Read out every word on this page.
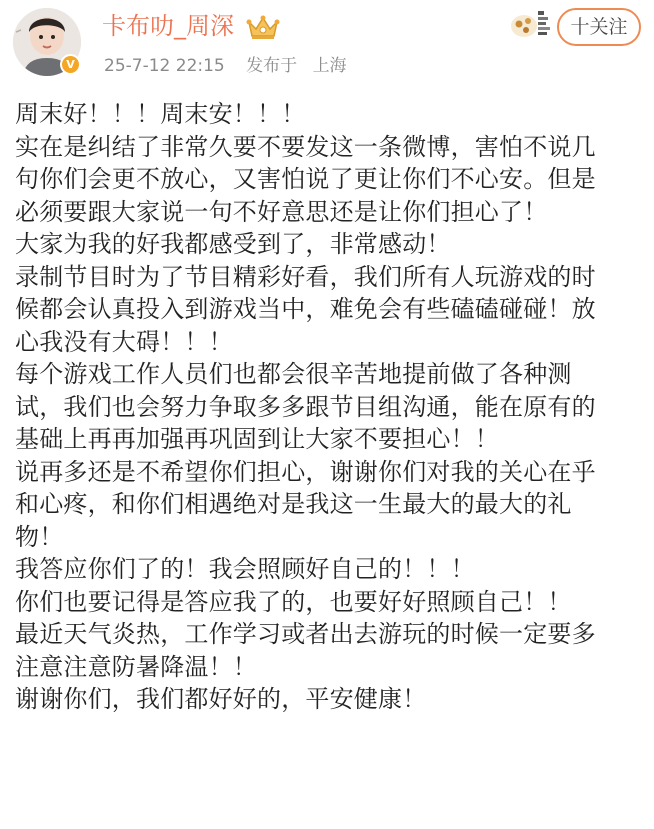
V
卡布叻_周深
25-7-12 22:15 发布于 上海
十关注

周末好！！！周末安！！！

实在是纠结了非常久要不要发这一条微博，害怕不说几

句你们会更不放心，又害怕说了更让你们不心安。但是

必须要跟大家说一句不好意思还是让你们担心了！

大家为我的好我都感受到了，非常感动！

录制节目时为了节目精彩好看，我们所有人玩游戏的时

候都会认真投入到游戏当中，难免会有些磕磕碰碰！放

心我没有大碍！！！

每个游戏工作人员们也都会很辛苦地提前做了各种测

试，我们也会努力争取多多跟节目组沟通，能在原有的

基础上再再加强再巩固到让大家不要担心！！

说再多还是不希望你们担心，谢谢你们对我的关心在乎

和心疼，和你们相遇绝对是我这一生最大的最大的礼

物！

我答应你们了的！我会照顾好自己的！！！

你们也要记得是答应我了的，也要好好照顾自己！！

最近天气炎热，工作学习或者出去游玩的时候一定要多

注意注意防暑降温！！

谢谢你们，我们都好好的，平安健康！
